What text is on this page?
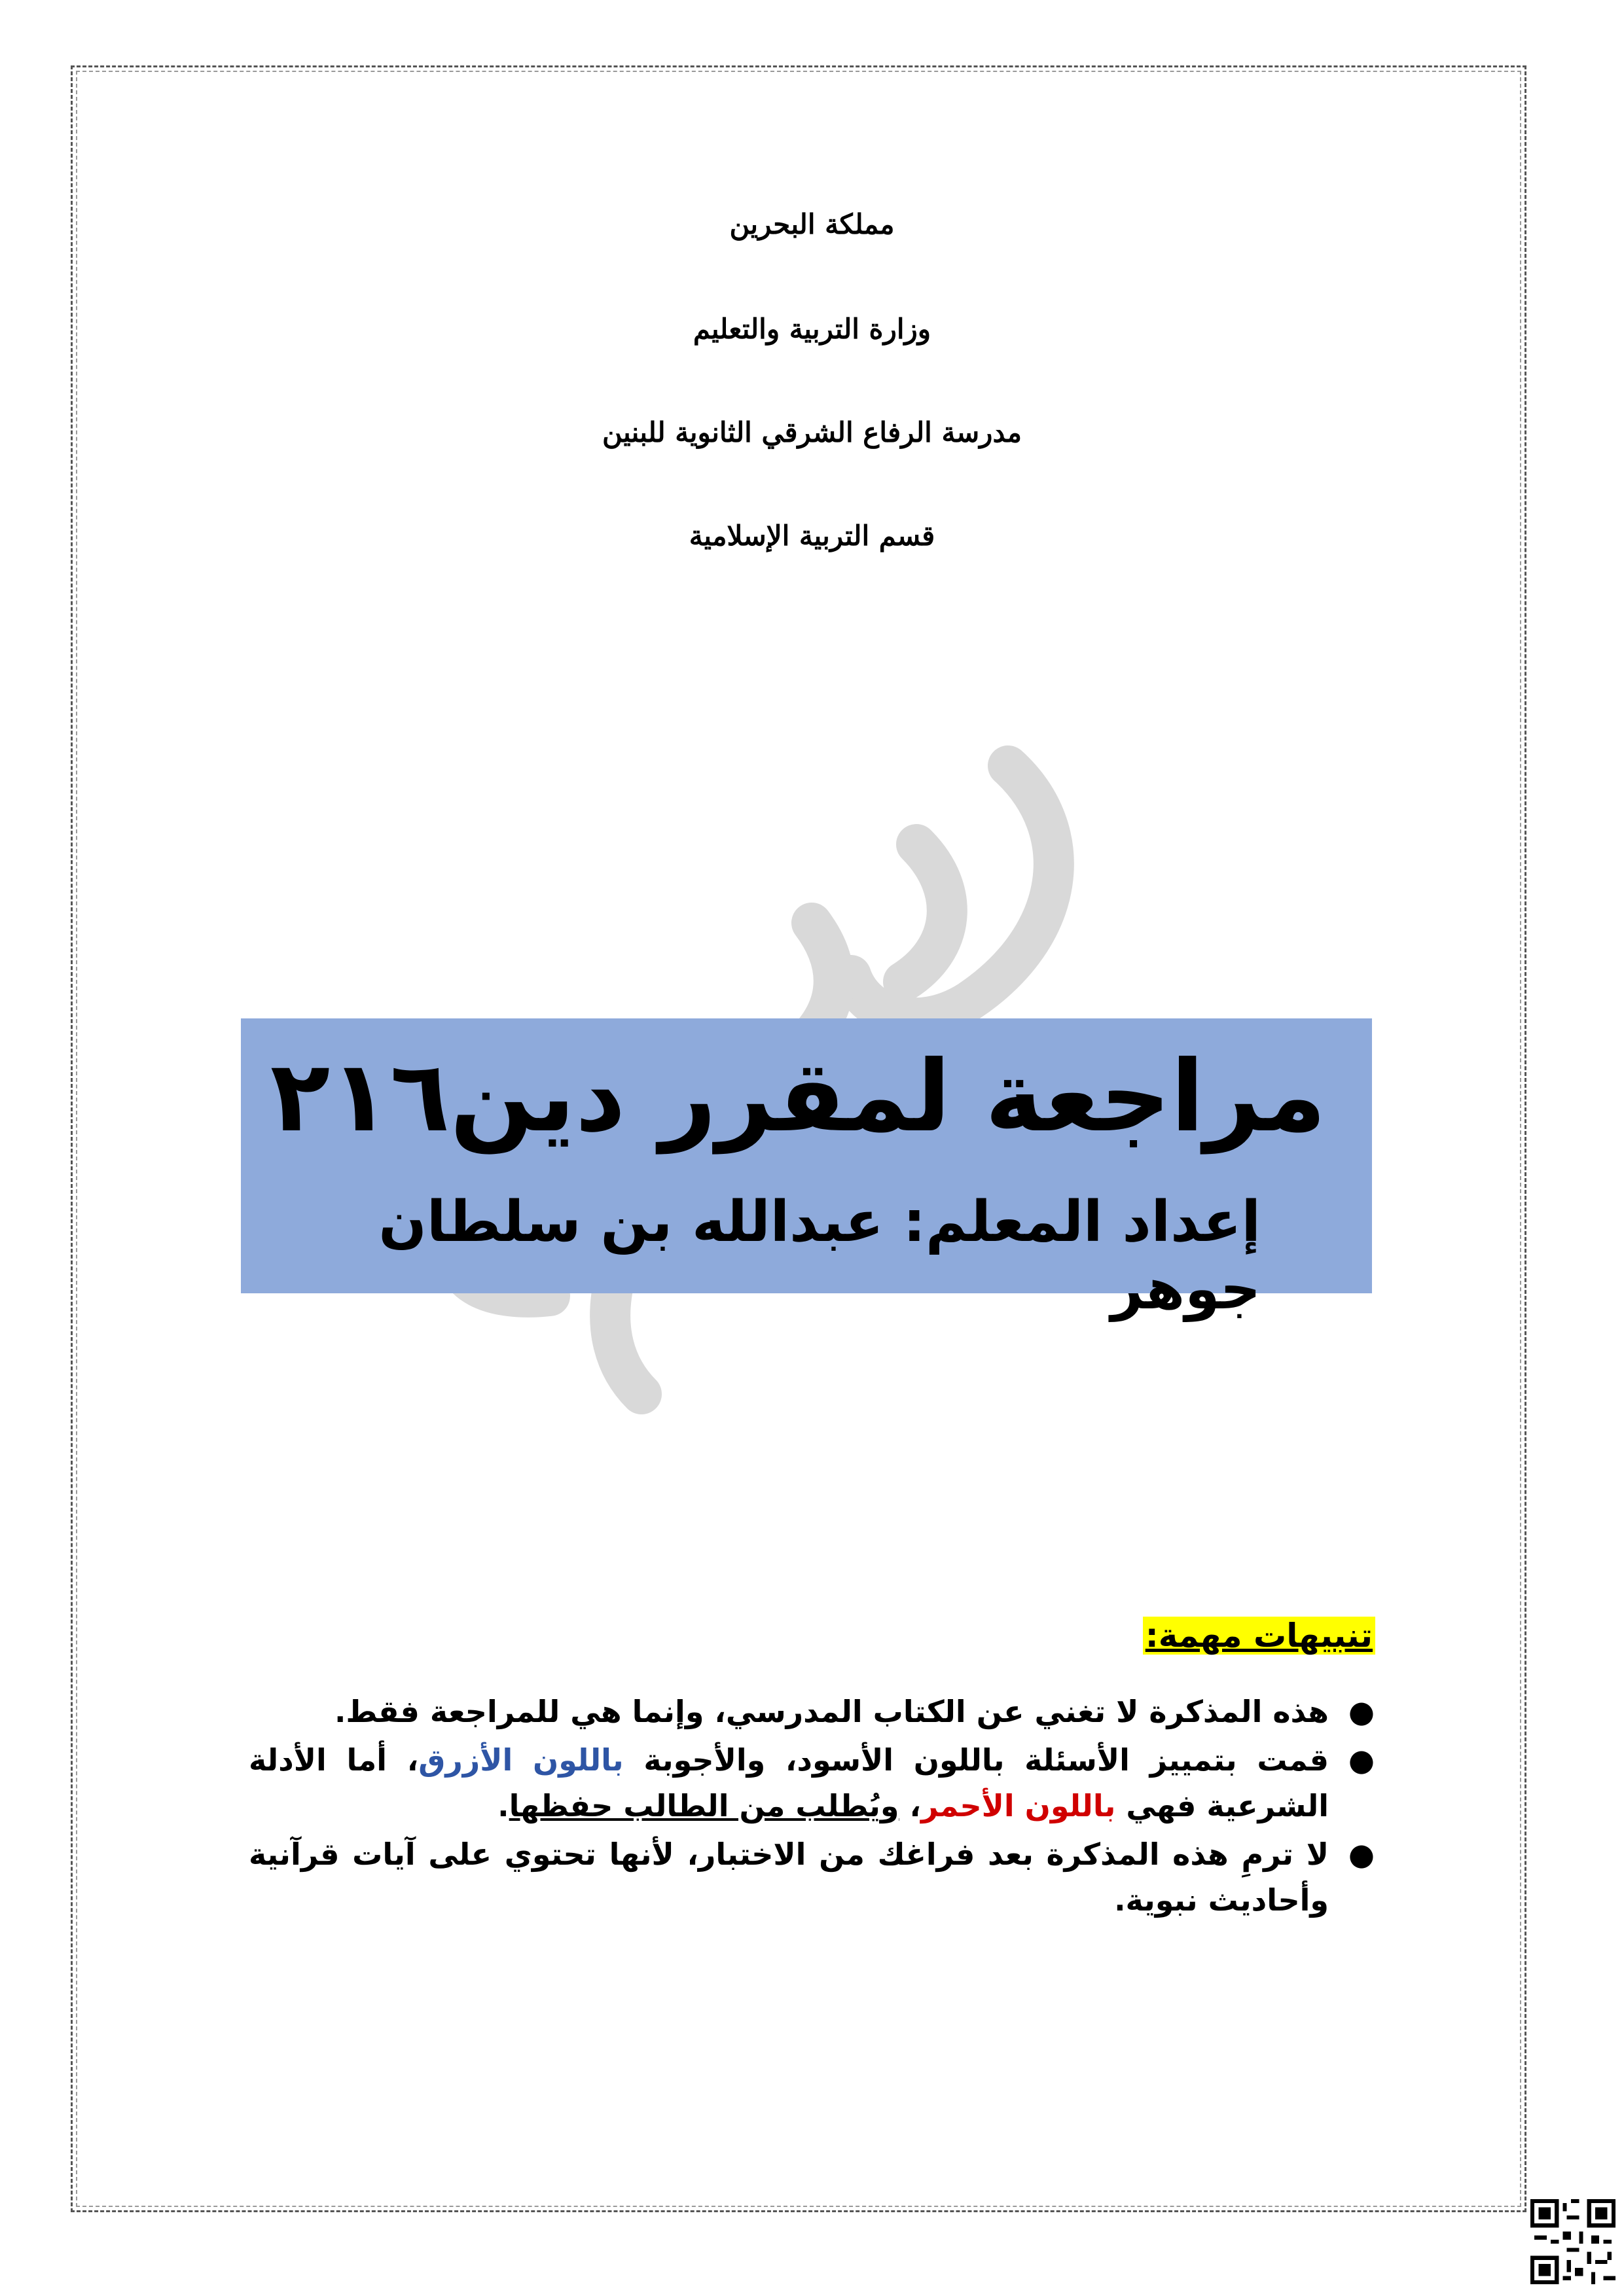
مملكة البحرين
وزارة التربية والتعليم
مدرسة الرفاع الشرقي الثانوية للبنين
قسم التربية الإسلامية
مراجعة لمقرر دين٢١٦
إعداد المعلم: عبدالله بن سلطان جوهر
تنبيهات مهمة:
●
هذه المذكرة لا تغني عن الكتاب المدرسي، وإنما هي للمراجعة فقط.
●
قمت بتمييز الأسئلة باللون الأسود، والأجوبة باللون الأزرق، أما الأدلة الشرعية فهي باللون الأحمر، ويُطلب من الطالب حفظها.
●
لا ترمِ هذه المذكرة بعد فراغك من الاختبار، لأنها تحتوي على آيات قرآنية وأحاديث نبوية.
